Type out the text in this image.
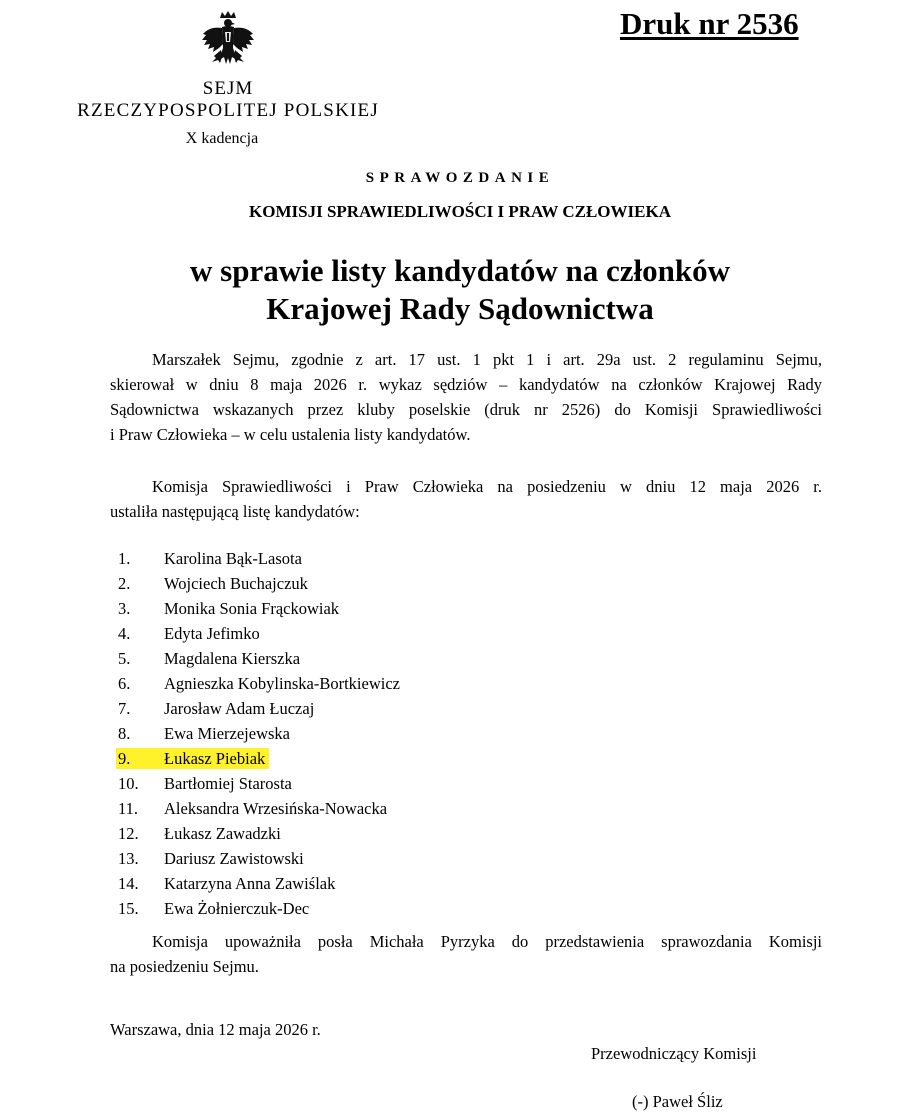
Druk nr 2536
SEJM
RZECZYPOSPOLITEJ POLSKIEJ
X kadencja
SPRAWOZDANIE
KOMISJI SPRAWIEDLIWOŚCI I PRAW CZŁOWIEKA
w sprawie listy kandydatów na członków
Krajowej Rady Sądownictwa
Marszałek Sejmu, zgodnie z art. 17 ust. 1 pkt 1 i art. 29a ust. 2 regulaminu Sejmu,
skierował w dniu 8 maja 2026 r. wykaz sędziów – kandydatów na członków Krajowej Rady
Sądownictwa wskazanych przez kluby poselskie (druk nr 2526) do Komisji Sprawiedliwości
i Praw Człowieka – w celu ustalenia listy kandydatów.
Komisja Sprawiedliwości i Praw Człowieka na posiedzeniu w dniu 12 maja 2026 r.
ustaliła następującą listę kandydatów:
1. Karolina Bąk-Lasota
2. Wojciech Buchajczuk
3. Monika Sonia Frąckowiak
4. Edyta Jefimko
5. Magdalena Kierszka
6. Agnieszka Kobylinska-Bortkiewicz
7. Jarosław Adam Łuczaj
8. Ewa Mierzejewska
9. Łukasz Piebiak
10. Bartłomiej Starosta
11. Aleksandra Wrzesińska-Nowacka
12. Łukasz Zawadzki
13. Dariusz Zawistowski
14. Katarzyna Anna Zawiślak
15. Ewa Żołnierczuk-Dec
Komisja upoważniła posła Michała Pyrzyka do przedstawienia sprawozdania Komisji
na posiedzeniu Sejmu.
Warszawa, dnia 12 maja 2026 r.
Przewodniczący Komisji
(-) Paweł Śliz
